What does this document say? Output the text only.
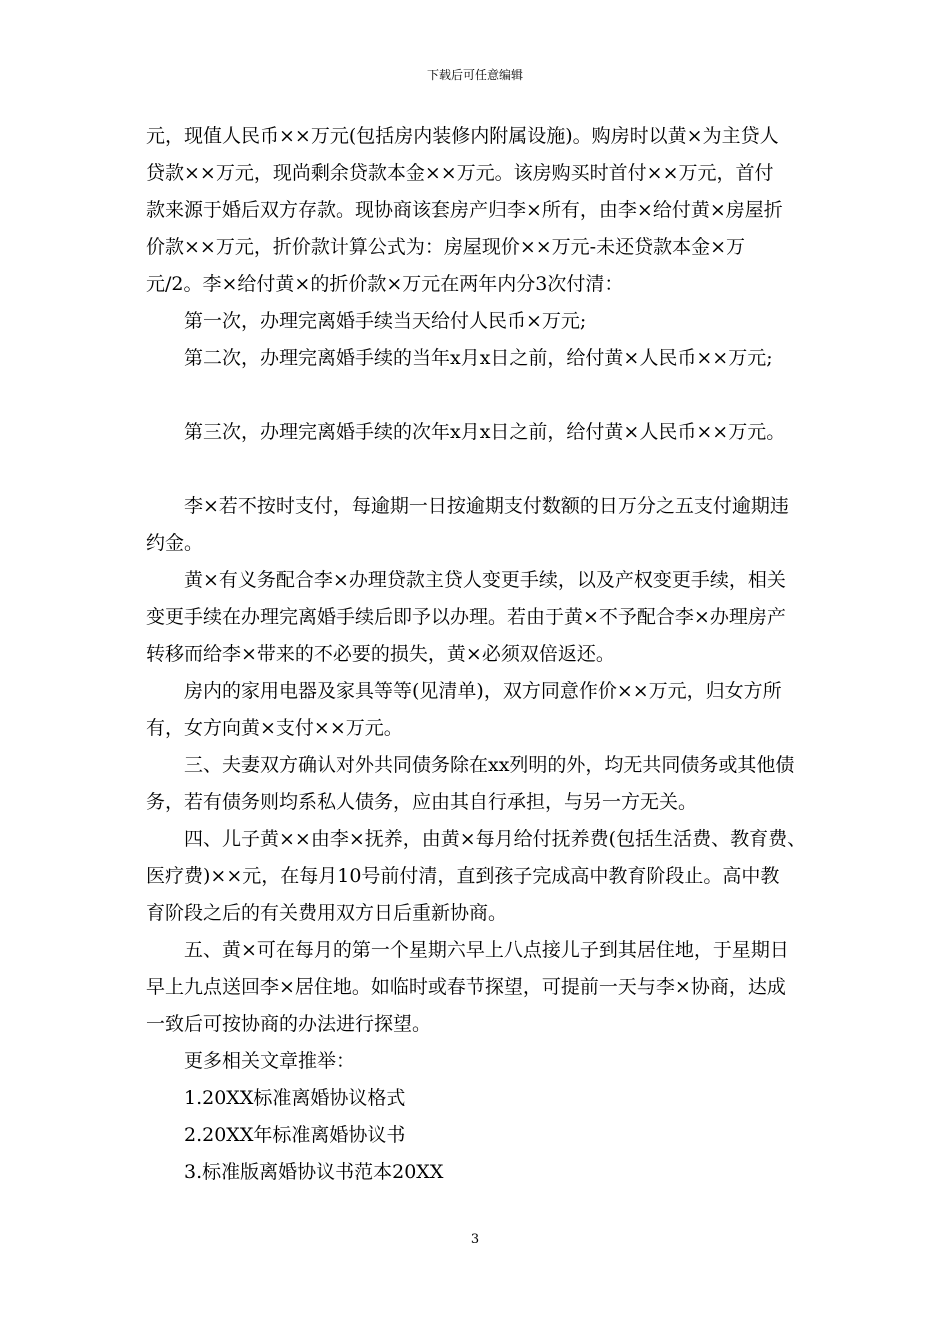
下载后可任意编辑
元，现值人民币××万元(包括房内装修内附属设施)。购房时以黄×为主贷人
贷款××万元，现尚剩余贷款本金××万元。该房购买时首付××万元，首付
款来源于婚后双方存款。现协商该套房产归李×所有，由李×给付黄×房屋折
价款××万元，折价款计算公式为：房屋现价××万元-未还贷款本金×万
元/2。李×给付黄×的折价款×万元在两年内分3次付清：
第一次，办理完离婚手续当天给付人民币×万元;
第二次，办理完离婚手续的当年x月x日之前，给付黄×人民币××万元;
第三次，办理完离婚手续的次年x月x日之前，给付黄×人民币××万元。
李×若不按时支付，每逾期一日按逾期支付数额的日万分之五支付逾期违
约金。
黄×有义务配合李×办理贷款主贷人变更手续，以及产权变更手续，相关
变更手续在办理完离婚手续后即予以办理。若由于黄×不予配合李×办理房产
转移而给李×带来的不必要的损失，黄×必须双倍返还。
房内的家用电器及家具等等(见清单)，双方同意作价××万元，归女方所
有，女方向黄×支付××万元。
三、夫妻双方确认对外共同债务除在xx列明的外，均无共同债务或其他债
务，若有债务则均系私人债务，应由其自行承担，与另一方无关。
四、儿子黄××由李×抚养，由黄×每月给付抚养费(包括生活费、教育费、
医疗费)××元，在每月10号前付清，直到孩子完成高中教育阶段止。高中教
育阶段之后的有关费用双方日后重新协商。
五、黄×可在每月的第一个星期六早上八点接儿子到其居住地，于星期日
早上九点送回李×居住地。如临时或春节探望，可提前一天与李×协商，达成
一致后可按协商的办法进行探望。
更多相关文章推举：
1.20XX标准离婚协议格式
2.20XX年标准离婚协议书
3.标准版离婚协议书范本20XX
3
